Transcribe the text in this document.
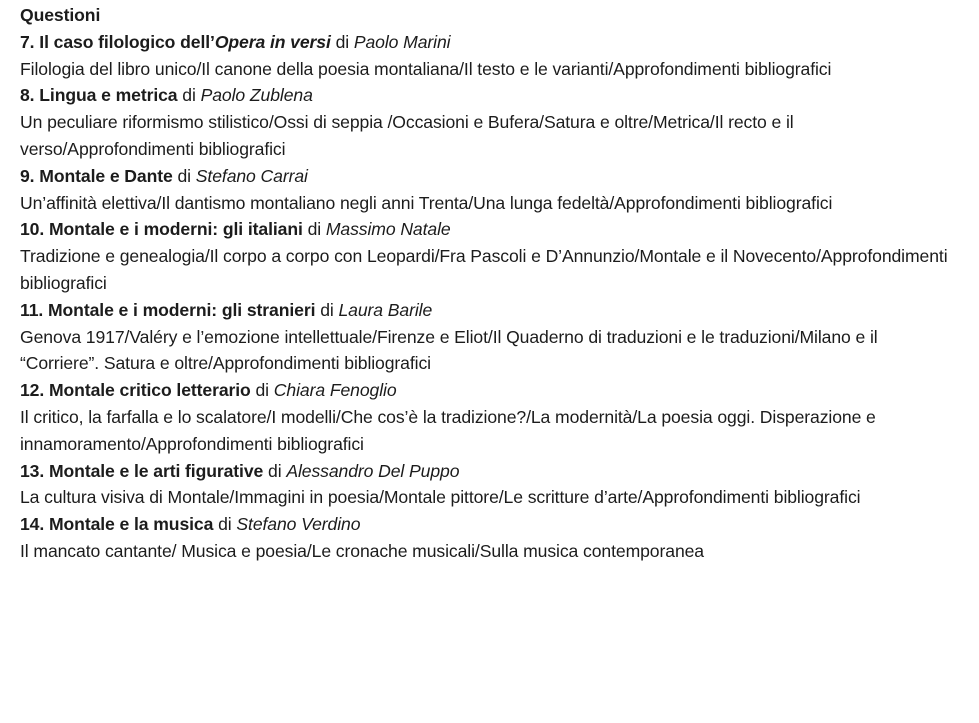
Questioni

7. Il caso filologico dell’Opera in versi di Paolo Marini

Filologia del libro unico/Il canone della poesia montaliana/Il testo e le varianti/Approfondimenti bibliografici

8. Lingua e metrica di Paolo Zublena

Un peculiare riformismo stilistico/Ossi di seppia /Occasioni e Bufera/Satura e oltre/Metrica/Il recto e il verso/Approfondimenti bibliografici

9. Montale e Dante di Stefano Carrai

Un’affinità elettiva/Il dantismo montaliano negli anni Trenta/Una lunga fedeltà/Approfondimenti bibliografici

10. Montale e i moderni: gli italiani di Massimo Natale

Tradizione e genealogia/Il corpo a corpo con Leopardi/Fra Pascoli e D’Annunzio/Montale e il Novecento/Approfondimenti bibliografici

11. Montale e i moderni: gli stranieri di Laura Barile

Genova 1917/Valéry e l’emozione intellettuale/Firenze e Eliot/Il Quaderno di traduzioni e le traduzioni/Milano e il “Corriere”. Satura e oltre/Approfondimenti bibliografici

12. Montale critico letterario di Chiara Fenoglio

Il critico, la farfalla e lo scalatore/I modelli/Che cos’è la tradizione?/La modernità/La poesia oggi. Disperazione e innamoramento/Approfondimenti bibliografici

13. Montale e le arti figurative di Alessandro Del Puppo

La cultura visiva di Montale/Immagini in poesia/Montale pittore/Le scritture d’arte/Approfondimenti bibliografici

14. Montale e la musica di Stefano Verdino

Il mancato cantante/ Musica e poesia/Le cronache musicali/Sulla musica contemporanea
